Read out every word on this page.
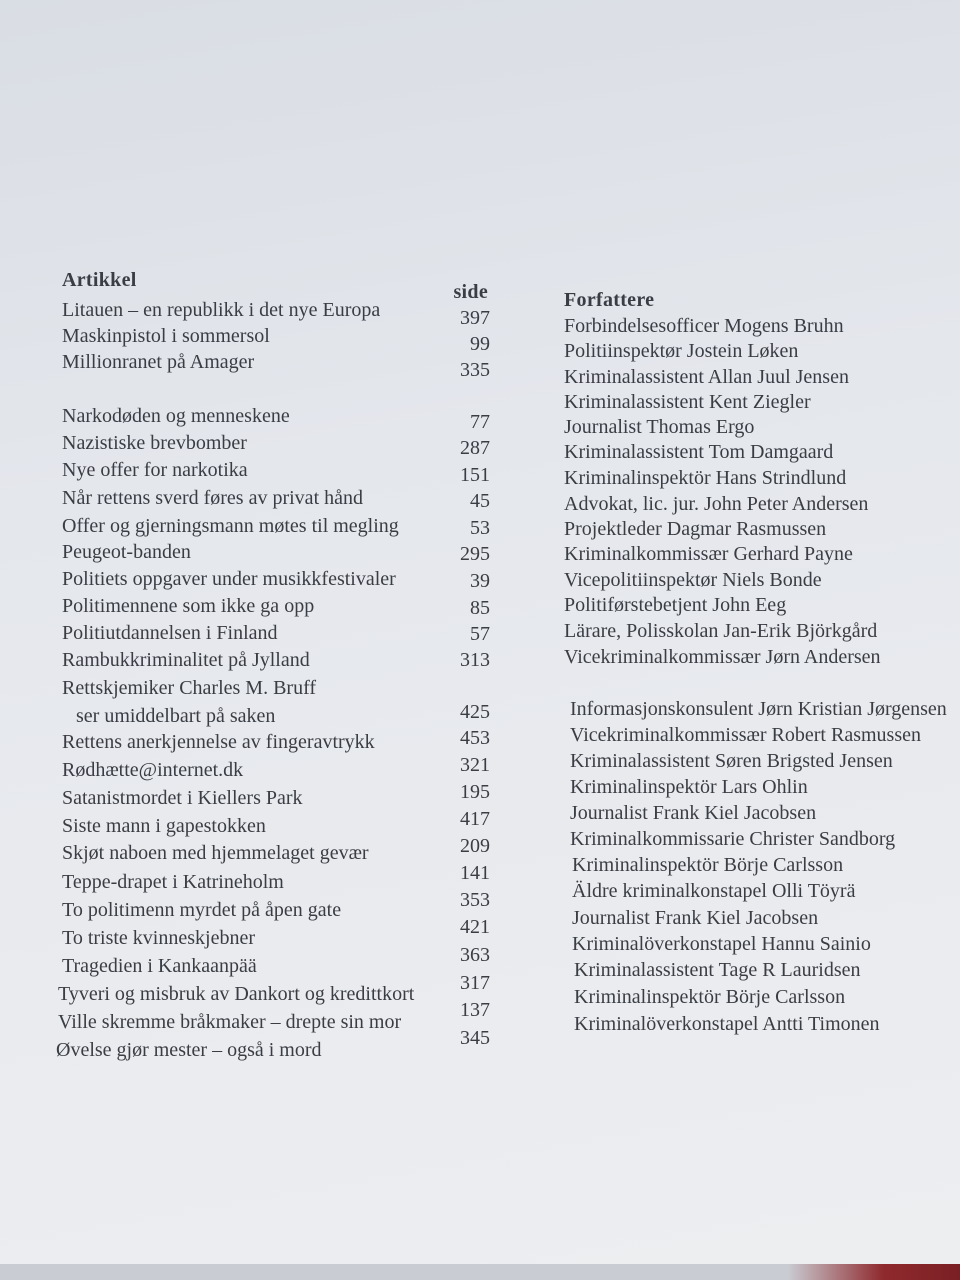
Artikkel
Litauen – en republikk i det nye Europa
Maskinpistol i sommersol
Millionranet på Amager
Narkodøden og menneskene
Nazistiske brevbomber
Nye offer for narkotika
Når rettens sverd føres av privat hånd
Offer og gjerningsmann møtes til megling
Peugeot-banden
Politiets oppgaver under musikkfestivaler
Politimennene som ikke ga opp
Politiutdannelsen i Finland
Rambukkriminalitet på Jylland
Rettskjemiker Charles M. Bruff
ser umiddelbart på saken
Rettens anerkjennelse av fingeravtrykk
Rødhætte@internet.dk
Satanistmordet i Kiellers Park
Siste mann i gapestokken
Skjøt naboen med hjemmelaget gevær
Teppe-drapet i Katrineholm
To politimenn myrdet på åpen gate
To triste kvinneskjebner
Tragedien i Kankaanpää
Tyveri og misbruk av Dankort og kredittkort
Ville skremme bråkmaker – drepte sin mor
Øvelse gjør mester – også i mord
side
397
99
335
77
287
151
45
53
295
39
85
57
313
425
453
321
195
417
209
141
353
421
363
317
137
345
Forfattere
Forbindelsesofficer Mogens Bruhn
Politiinspektør Jostein Løken
Kriminalassistent Allan Juul Jensen
Kriminalassistent Kent Ziegler
Journalist Thomas Ergo
Kriminalassistent Tom Damgaard
Kriminalinspektör Hans Strindlund
Advokat, lic. jur. John Peter Andersen
Projektleder Dagmar Rasmussen
Kriminalkommissær Gerhard Payne
Vicepolitiinspektør Niels Bonde
Politiførstebetjent John Eeg
Lärare, Polisskolan Jan-Erik Björkgård
Vicekriminalkommissær Jørn Andersen
Informasjonskonsulent Jørn Kristian Jørgensen
Vicekriminalkommissær Robert Rasmussen
Kriminalassistent Søren Brigsted Jensen
Kriminalinspektör Lars Ohlin
Journalist Frank Kiel Jacobsen
Kriminalkommissarie Christer Sandborg
Kriminalinspektör Börje Carlsson
Äldre kriminalkonstapel Olli Töyrä
Journalist Frank Kiel Jacobsen
Kriminalöverkonstapel Hannu Sainio
Kriminalassistent Tage R Lauridsen
Kriminalinspektör Börje Carlsson
Kriminalöverkonstapel Antti Timonen
